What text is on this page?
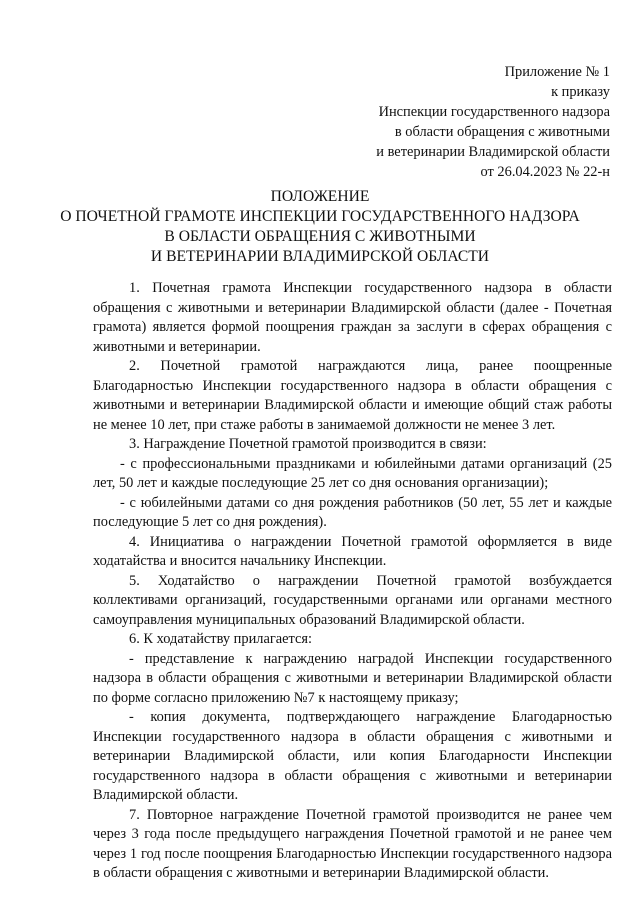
Приложение № 1
к приказу
Инспекции государственного надзора
в области обращения с животными
и ветеринарии Владимирской области
от 26.04.2023 № 22-н
ПОЛОЖЕНИЕ
О ПОЧЕТНОЙ ГРАМОТЕ ИНСПЕКЦИИ ГОСУДАРСТВЕННОГО НАДЗОРА
В ОБЛАСТИ ОБРАЩЕНИЯ С ЖИВОТНЫМИ
И ВЕТЕРИНАРИИ ВЛАДИМИРСКОЙ ОБЛАСТИ

1. Почетная грамота Инспекции государственного надзора в области обращения с животными и ветеринарии Владимирской области (далее - Почетная грамота) является формой поощрения граждан за заслуги в сферах обращения с животными и ветеринарии.

2. Почетной грамотой награждаются лица, ранее поощренные Благодарностью Инспекции государственного надзора в области обращения с животными и ветеринарии Владимирской области и имеющие общий стаж работы не менее 10 лет, при стаже работы в занимаемой должности не менее 3 лет.

3. Награждение Почетной грамотой производится в связи:

- с профессиональными праздниками и юбилейными датами организаций (25 лет, 50 лет и каждые последующие 25 лет со дня основания организации);

- с юбилейными датами со дня рождения работников (50 лет, 55 лет и каждые последующие 5 лет со дня рождения).

4. Инициатива о награждении Почетной грамотой оформляется в виде ходатайства и вносится начальнику Инспекции.

5. Ходатайство о награждении Почетной грамотой возбуждается коллективами организаций, государственными органами или органами местного самоуправления муниципальных образований Владимирской области.

6. К ходатайству прилагается:

- представление к награждению наградой Инспекции государственного надзора в области обращения с животными и ветеринарии Владимирской области по форме согласно приложению №7 к настоящему приказу;

- копия документа, подтверждающего награждение Благодарностью Инспекции государственного надзора в области обращения с животными и ветеринарии Владимирской области, или копия Благодарности Инспекции государственного надзора в области обращения с животными и ветеринарии Владимирской области.

7. Повторное награждение Почетной грамотой производится не ранее чем через 3 года после предыдущего награждения Почетной грамотой и не ранее чем через 1 год после поощрения Благодарностью Инспекции государственного надзора в области обращения с животными и ветеринарии Владимирской области.
